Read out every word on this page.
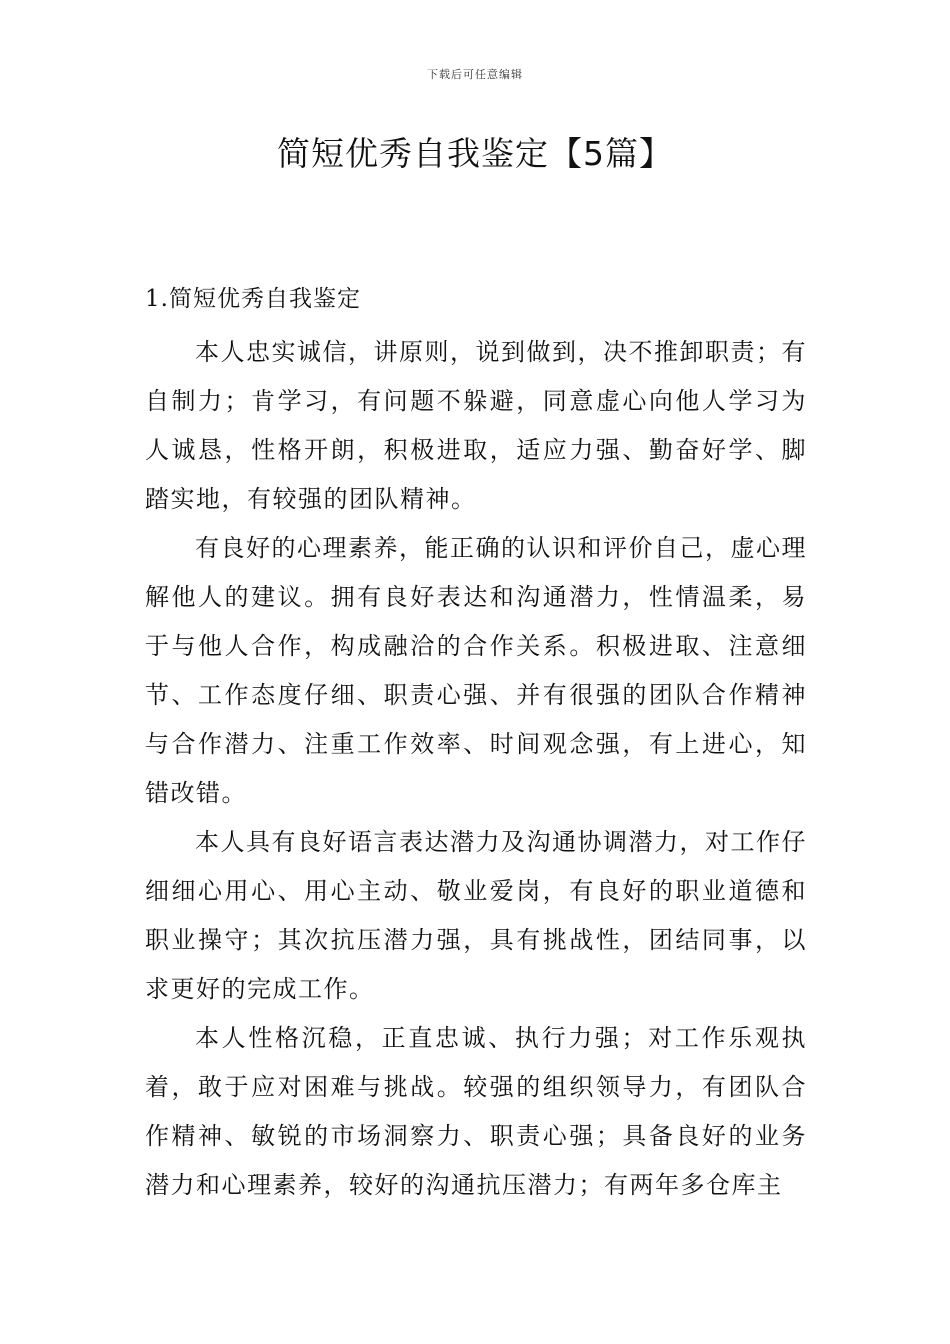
下载后可任意编辑
简短优秀自我鉴定【5篇】
1.简短优秀自我鉴定

本人忠实诚信，讲原则，说到做到，决不推卸职责；有自制力；肯学习，有问题不躲避，同意虚心向他人学习为人诚恳，性格开朗，积极进取，适应力强、勤奋好学、脚踏实地，有较强的团队精神。

有良好的心理素养，能正确的认识和评价自己，虚心理解他人的建议。拥有良好表达和沟通潜力，性情温柔，易于与他人合作，构成融洽的合作关系。积极进取、注意细节、工作态度仔细、职责心强、并有很强的团队合作精神与合作潜力、注重工作效率、时间观念强，有上进心，知错改错。

本人具有良好语言表达潜力及沟通协调潜力，对工作仔细细心用心、用心主动、敬业爱岗，有良好的职业道德和职业操守；其次抗压潜力强，具有挑战性，团结同事，以求更好的完成工作。

本人性格沉稳，正直忠诚、执行力强；对工作乐观执着，敢于应对困难与挑战。较强的组织领导力，有团队合作精神、敏锐的市场洞察力、职责心强；具备良好的业务潜力和心理素养，较好的沟通抗压潜力；有两年多仓库主
